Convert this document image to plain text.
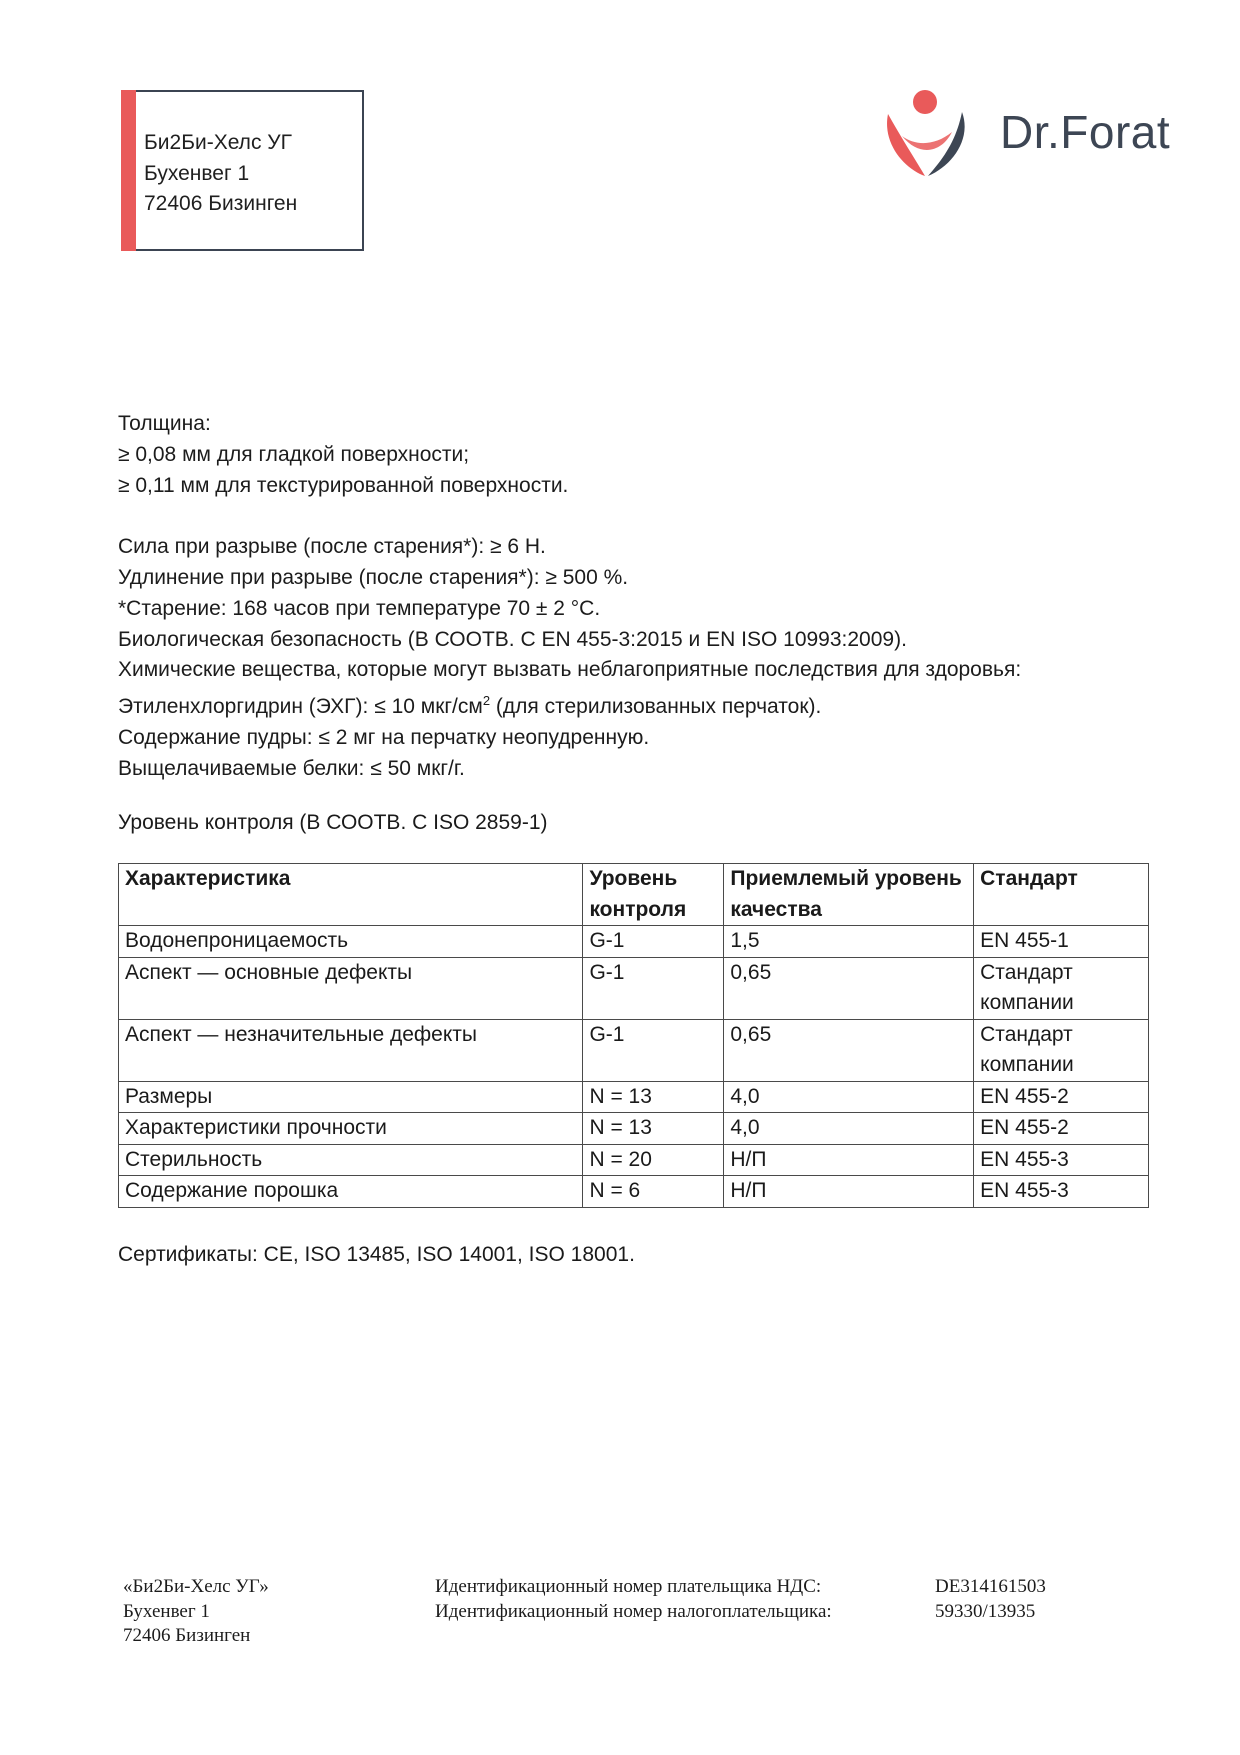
Би2Би-Хелс УГ
Бухенвег 1
72406 Бизинген
Dr.Forat
Толщина:
≥ 0,08 мм для гладкой поверхности;
≥ 0,11 мм для текстурированной поверхности.
Сила при разрыве (после старения*): ≥ 6 Н.
Удлинение при разрыве (после старения*): ≥ 500 %.
*Старение: 168 часов при температуре 70 ± 2 °C.
Биологическая безопасность (В СООТВ. С EN 455-3:2015 и EN ISO 10993:2009).
Химические вещества, которые могут вызвать неблагоприятные последствия для здоровья:
Этиленхлоргидрин (ЭХГ): ≤ 10 мкг/$см^2$ (для стерилизованных перчаток).
Содержание пудры: ≤ 2 мг на перчатку неопудренную.
Выщелачиваемые белки: ≤ 50 мкг/г.
Уровень контроля (В СООТВ. С ISO 2859-1)
Характеристика	Уровень контроля	Приемлемый уровень качества	Стандарт
Водонепроницаемость	G-1	1,5	EN 455-1
Аспект — основные дефекты	G-1	0,65	Стандарт компании
Аспект — незначительные дефекты	G-1	0,65	Стандарт компании
Размеры	N = 13	4,0	EN 455-2
Характеристики прочности	N = 13	4,0	EN 455-2
Стерильность	N = 20	Н/П	EN 455-3
Содержание порошка	N = 6	Н/П	EN 455-3
Сертификаты: CE, ISO 13485, ISO 14001, ISO 18001.
«Би2Би-Хелс УГ»
Бухенвег 1
72406 Бизинген
Идентификационный номер плательщика НДС:
Идентификационный номер налогоплательщика:
DE314161503
59330/13935
